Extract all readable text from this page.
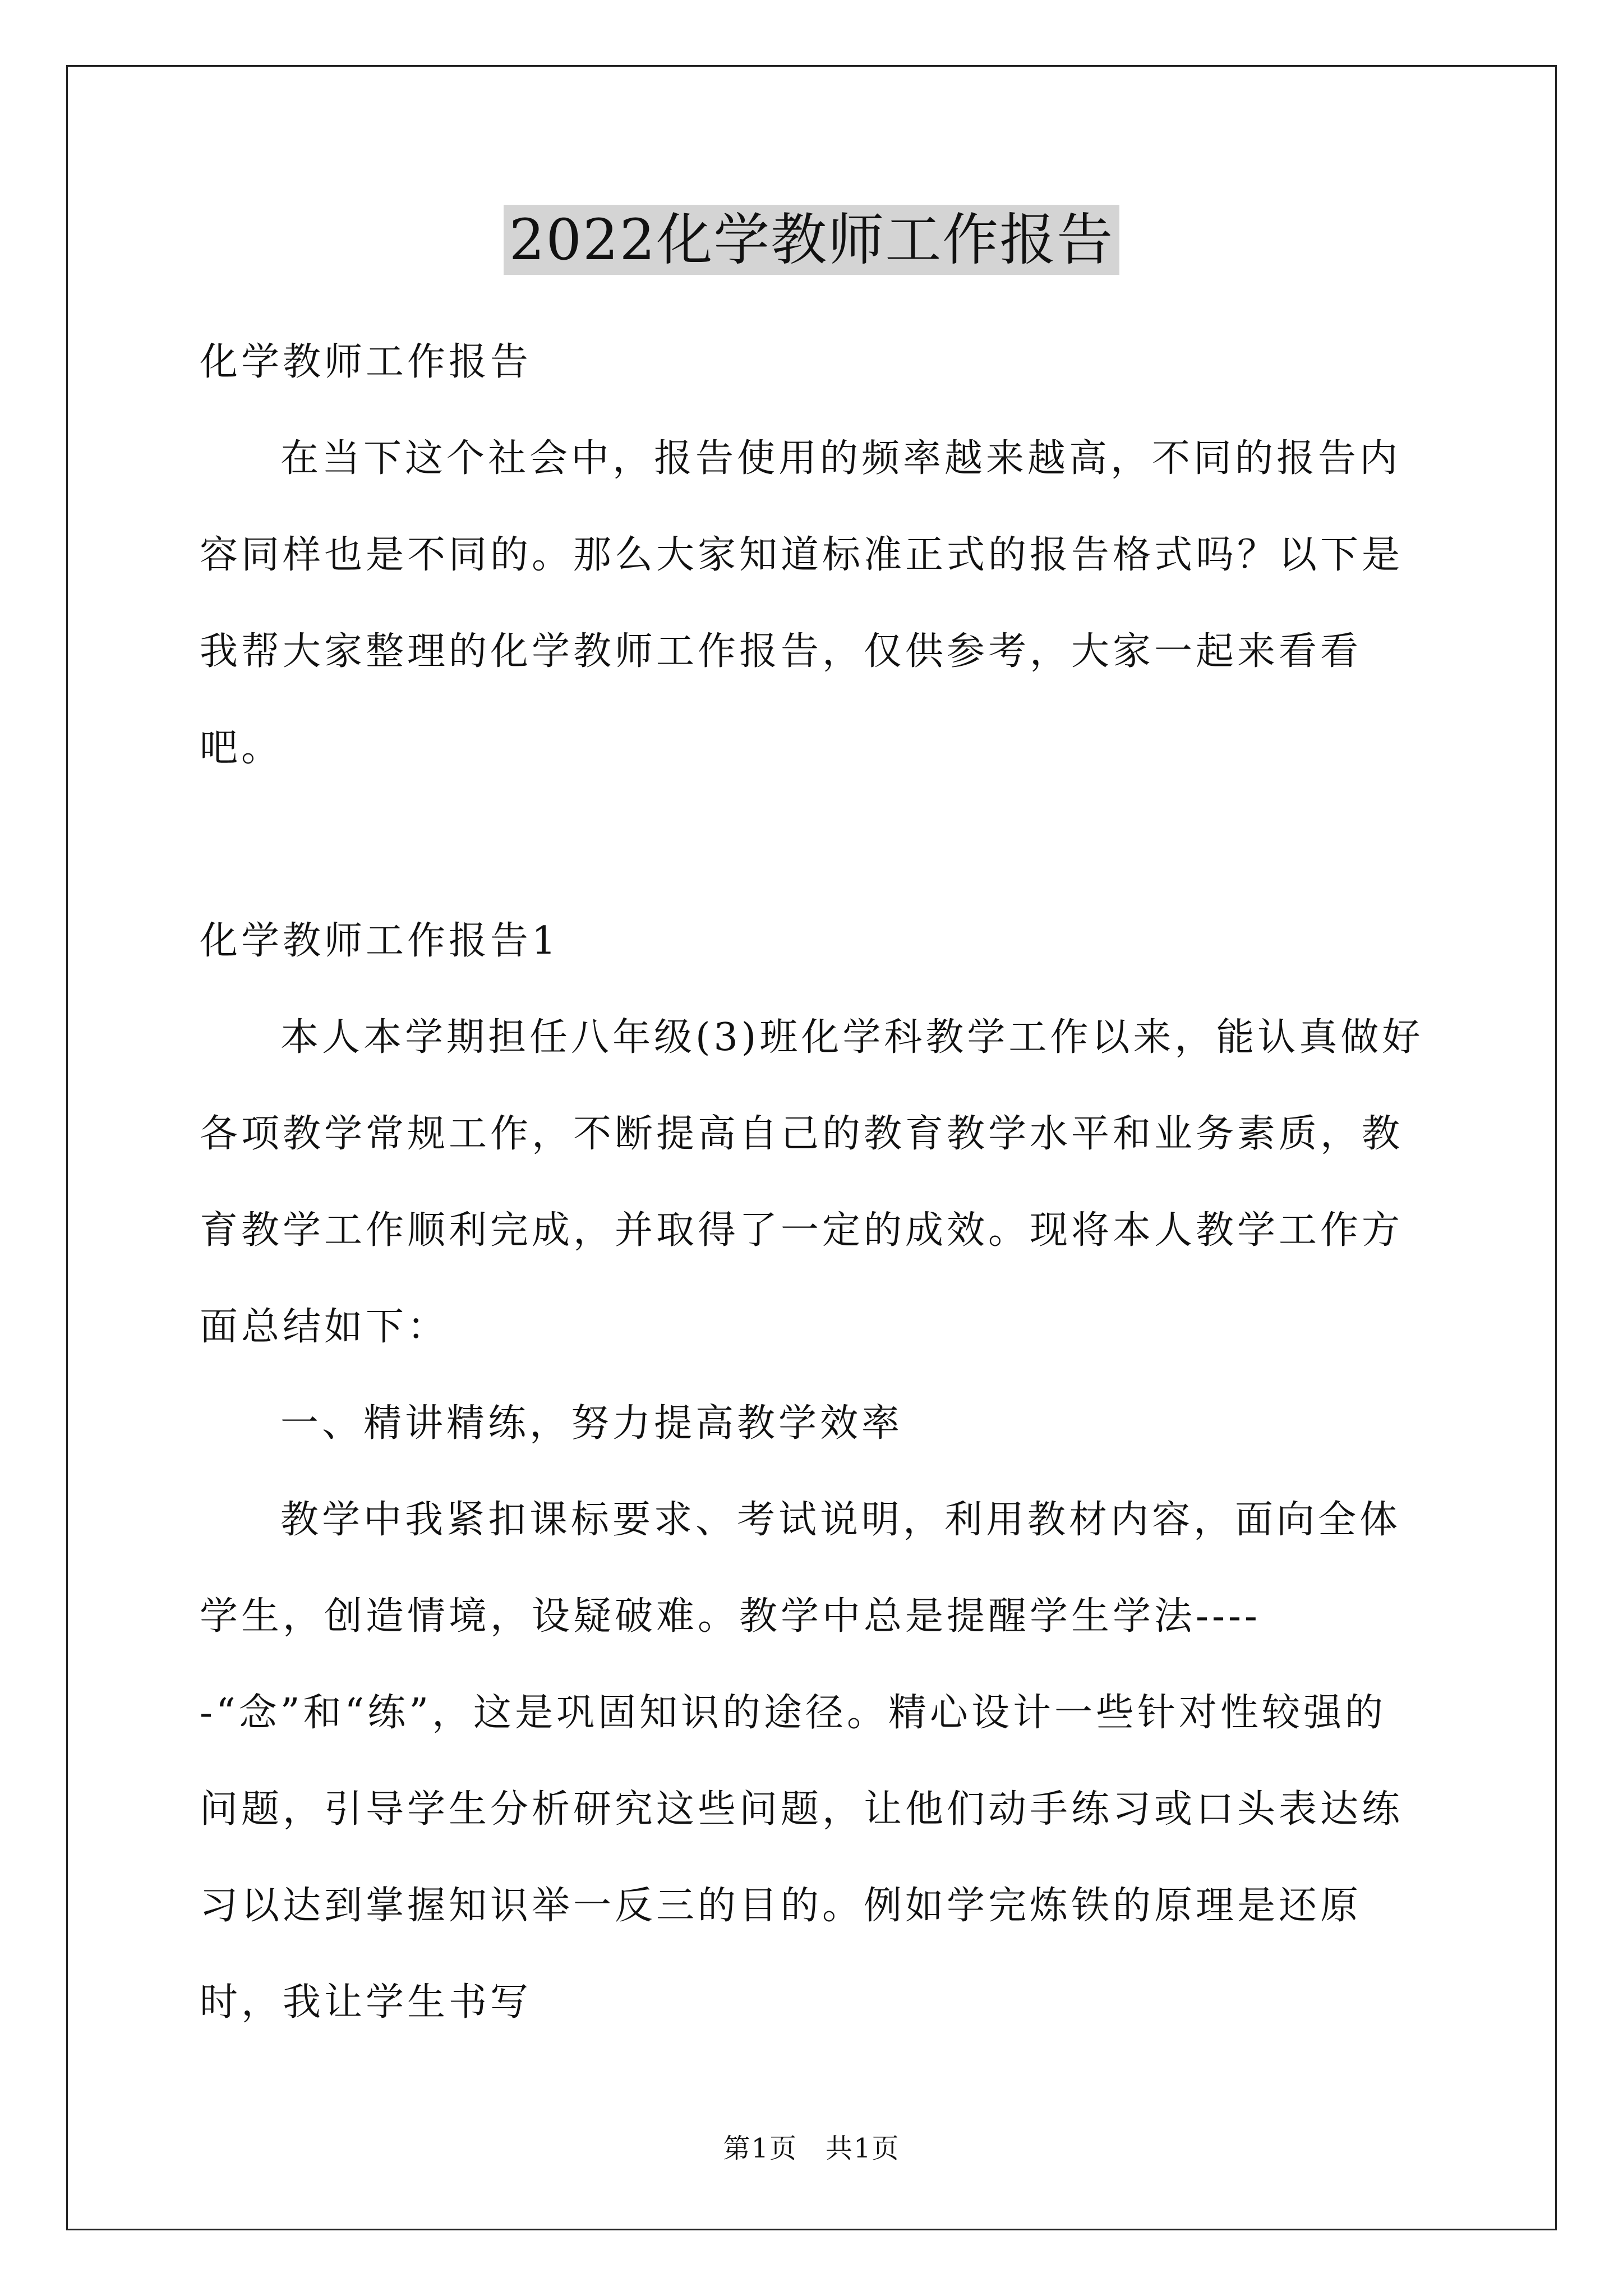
2022化学教师工作报告

化学教师工作报告

在当下这个社会中，报告使用的频率越来越高，不同的报告内容同样也是不同的。那么大家知道标准正式的报告格式吗？以下是我帮大家整理的化学教师工作报告，仅供参考，大家一起来看看吧。

化学教师工作报告1

本人本学期担任八年级(3)班化学科教学工作以来，能认真做好各项教学常规工作，不断提高自己的教育教学水平和业务素质，教育教学工作顺利完成，并取得了一定的成效。现将本人教学工作方面总结如下：

一、精讲精练，努力提高教学效率

教学中我紧扣课标要求、考试说明，利用教材内容，面向全体学生，创造情境，设疑破难。教学中总是提醒学生学法-----“念”和“练”，这是巩固知识的途径。精心设计一些针对性较强的问题，引导学生分析研究这些问题，让他们动手练习或口头表达练习以达到掌握知识举一反三的目的。例如学完炼铁的原理是还原时，我让学生书写

第1页　共1页
